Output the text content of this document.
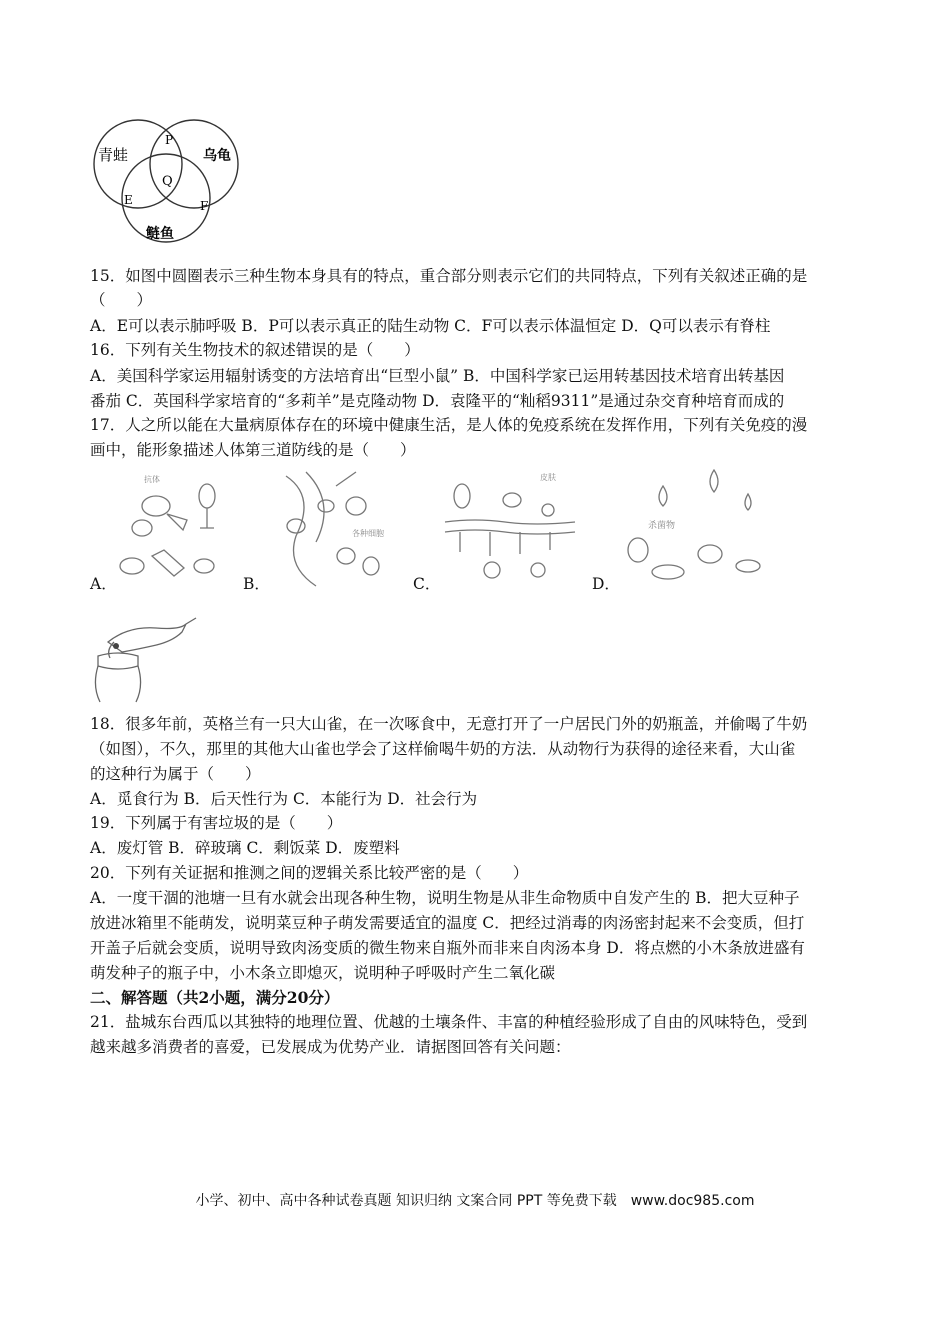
青蛙	乌龟
鲢鱼
P
Q
E	F
15．如图中圆圈表示三种生物本身具有的特点，重合部分则表示它们的共同特点，下列有关叙述正确的是
（　　）
A．E可以表示肺呼吸 B．P可以表示真正的陆生动物 C．F可以表示体温恒定 D．Q可以表示有脊柱
16．下列有关生物技术的叙述错误的是（　　）
A．美国科学家运用辐射诱变的方法培育出“巨型小鼠” B．中国科学家已运用转基因技术培育出转基因
番茄 C．英国科学家培育的“多莉羊”是克隆动物 D．袁隆平的“籼稻9311”是通过杂交育种培育而成的
17．人之所以能在大量病原体存在的环境中健康生活，是人体的免疫系统在发挥作用，下列有关免疫的漫
画中，能形象描述人体第三道防线的是（　　）
抗体
A．
各种细胞
B．
皮肤
C．
杀菌物
D．
18．很多年前，英格兰有一只大山雀，在一次啄食中，无意打开了一户居民门外的奶瓶盖，并偷喝了牛奶
（如图），不久，那里的其他大山雀也学会了这样偷喝牛奶的方法．从动物行为获得的途径来看，大山雀
的这种行为属于（　　）
A．觅食行为 B．后天性行为 C．本能行为 D．社会行为
19．下列属于有害垃圾的是（　　）
A．废灯管 B．碎玻璃 C．剩饭菜 D．废塑料
20．下列有关证据和推测之间的逻辑关系比较严密的是（　　）
A．一度干涸的池塘一旦有水就会出现各种生物，说明生物是从非生命物质中自发产生的 B．把大豆种子
放进冰箱里不能萌发，说明菜豆种子萌发需要适宜的温度 C．把经过消毒的肉汤密封起来不会变质，但打
开盖子后就会变质，说明导致肉汤变质的微生物来自瓶外而非来自肉汤本身 D．将点燃的小木条放进盛有
萌发种子的瓶子中，小木条立即熄灭，说明种子呼吸时产生二氧化碳
二、解答题（共2小题，满分20分）
21．盐城东台西瓜以其独特的地理位置、优越的土壤条件、丰富的种植经验形成了自由的风味特色，受到
越来越多消费者的喜爱，已发展成为优势产业．请据图回答有关问题：
小学、初中、高中各种试卷真题 知识归纳 文案合同 PPT 等免费下载　www.doc985.com
